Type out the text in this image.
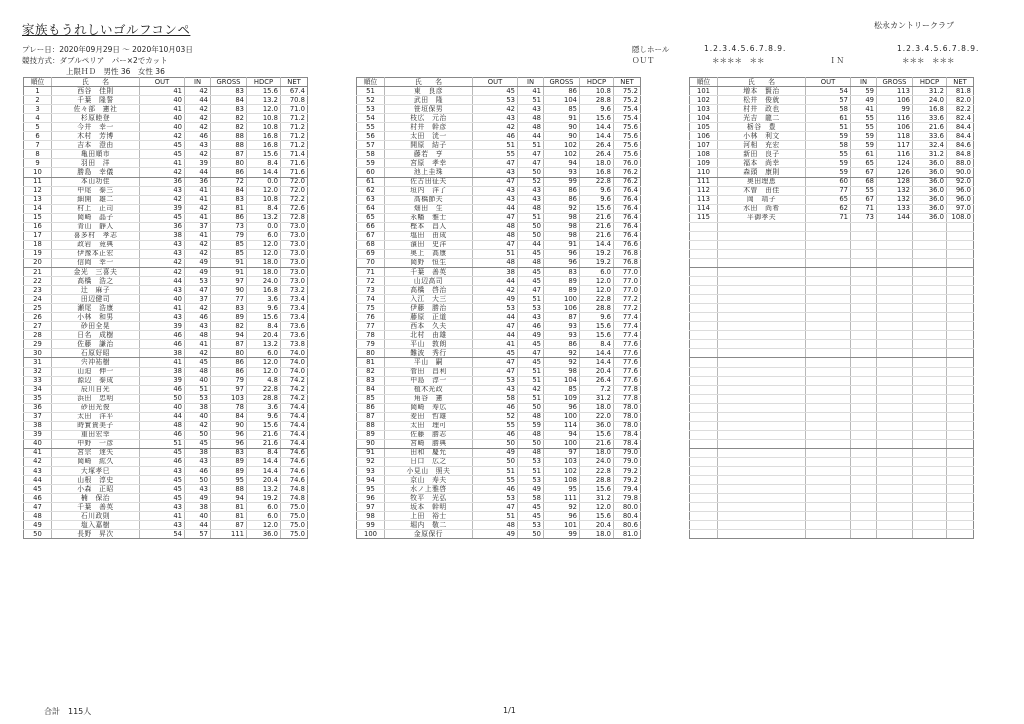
家族もうれしいゴルフコンペ	松永カントリークラブ
プレー日：2020年09月29日 ～ 2020年10月03日
競技方式：ダブルペリア　パー×2でカット
上限ＨＤ　男性 36　女性 36
隠しホール	1.2.3.4.5.6.7.8.9.	1.2.3.4.5.6.7.8.9.
ＯＵＴ	＊＊＊＊　＊＊	ＩＮ	＊＊＊　＊＊＊
順位	氏　　名	OUT	IN	GROSS	HDCP	NET
1	西谷　佳則	41	42	83	15.6	67.4
2	千葉　隆誓	40	44	84	13.2	70.8
3	佐々部　憲社	41	42	83	12.0	71.0
4	杉原睦登	40	42	82	10.8	71.2
5	今井　幸一	40	42	82	10.8	71.2
6	木村　芳博	42	46	88	16.8	71.2
7	吉本　澄由	45	43	88	16.8	71.2
8	亀田順市	45	42	87	15.6	71.4
9	羽田　洋	41	39	80	8.4	71.6
10	勝島　幸儀	42	44	86	14.4	71.6
11	本山功佳	36	36	72	0.0	72.0
12	中尾　泰三	43	41	84	12.0	72.0
13	細開　雄二	42	41	83	10.8	72.2
14	村上　正司	39	42	81	8.4	72.6
15	岡崎　晶子	45	41	86	13.2	72.8
16	青山　靜人	36	37	73	0.0	73.0
17	喜多村　孝志	38	41	79	6.0	73.0
18	政岩　竟典	43	42	85	12.0	73.0
19	伊豫本正宏	43	42	85	12.0	73.0
20	信岡　幸一	42	49	91	18.0	73.0
21	金光　三喜夫	42	49	91	18.0	73.0
22	高橋　浩之	44	53	97	24.0	73.0
23	辻　麻子	43	47	90	16.8	73.2
24	田辺健司	40	37	77	3.6	73.4
25	瀬尾　浩康	41	42	83	9.6	73.4
26	小林　和男	43	46	89	15.6	73.4
27	砂田全晃	39	43	82	8.4	73.6
28	日名　成樹	46	48	94	20.4	73.6
29	佐藤　謙治	46	41	87	13.2	73.8
30	石原好昭	38	42	80	6.0	74.0
31	宍冲祐樹	41	45	86	12.0	74.0
32	山迫　伸一	38	48	86	12.0	74.0
33	源辺　泰成	39	40	79	4.8	74.2
34	辰川自光	46	51	97	22.8	74.2
35	浜田　忠明	50	53	103	28.8	74.2
36	砂田光俊	40	38	78	3.6	74.4
37	太田　洋平	44	40	84	9.6	74.4
38	時實貴美子	48	42	90	15.6	74.4
39	重田宏幸	46	50	96	21.6	74.4
40	中野　一彦	51	45	96	21.6	74.4
41	宮宗　達矢	45	38	83	8.4	74.6
42	岡崎　紘久	46	43	89	14.4	74.6
43	大塚孝巳	43	46	89	14.4	74.6
44	山根　淳史	45	50	95	20.4	74.6
45	小森　正昭	45	43	88	13.2	74.8
46	楠　保治	45	49	94	19.2	74.8
47	千葉　善英	43	38	81	6.0	75.0
48	石川政則	41	40	81	6.0	75.0
49	塩入嘉樹	43	44	87	12.0	75.0
50	長野　昇次	54	57	111	36.0	75.0
順位	氏　　名	OUT	IN	GROSS	HDCP	NET
51	東　良彦	45	41	86	10.8	75.2
52	武田　隆	53	51	104	28.8	75.2
53	笹垣保男	42	43	85	9.6	75.4
54	枝広　元治	43	48	91	15.6	75.4
55	村井　幹彦	42	48	90	14.4	75.6
56	太田　洸一	46	44	90	14.4	75.6
57	開原　結子	51	51	102	26.4	75.6
58	藤若　亨	55	47	102	26.4	75.6
59	宮原　孝幸	47	47	94	18.0	76.0
60	池上圭珠	43	50	93	16.8	76.2
61	佐古田征夫	47	52	99	22.8	76.2
62	垣内　洋了	43	43	86	9.6	76.4
63	高橋節夫	43	43	86	9.6	76.4
64	畑田　生	44	48	92	15.6	76.4
65	永幡　雅士	47	51	98	21.6	76.4
66	樫本　昌人	48	50	98	21.6	76.4
67	塩田　由成	48	50	98	21.6	76.4
68	濱田　史洋	47	44	91	14.4	76.6
69	奥上　高康	51	45	96	19.2	76.8
70	岡野　恒生	48	48	96	19.2	76.8
71	千葉　善英	38	45	83	6.0	77.0
72	山辺高司	44	45	89	12.0	77.0
73	高橋　啓治	42	47	89	12.0	77.0
74	入江　大三	49	51	100	22.8	77.2
75	伊藤　勝治	53	53	106	28.8	77.2
76	藤原　正道	44	43	87	9.6	77.4
77	西本　久夫	47	46	93	15.6	77.4
78	北村　由雄	44	49	93	15.6	77.4
79	平山　敦朗	41	45	86	8.4	77.6
80	難波　秀行	45	47	92	14.4	77.6
81	平山　嗣	47	45	92	14.4	77.6
82	菅田　昌利	47	51	98	20.4	77.6
83	中島　淳一	53	51	104	26.4	77.6
84	植木光政	43	42	85	7.2	77.8
85	角谷　憲	58	51	109	31.2	77.8
86	岡崎　寿広	46	50	96	18.0	78.0
87	麦田　哲雄	52	48	100	22.0	78.0
88	太田　理可	55	59	114	36.0	78.0
89	佐藤　勝志	46	48	94	15.6	78.4
90	宮崎　勝典	50	50	100	21.6	78.4
91	田和　慶允	49	48	97	18.0	79.0
92	日口　広之	50	53	103	24.0	79.0
93	小見山　照夫	51	51	102	22.8	79.2
94	京山　寿夫	55	53	108	28.8	79.2
95	水ノ上雅啓	46	49	95	15.6	79.4
96	牧平　光弘	53	58	111	31.2	79.8
97	坂本　幹明	47	45	92	12.0	80.0
98	上田　裕士	51	45	96	15.6	80.4
99	堀内　敬二	48	53	101	20.4	80.6
100	金原保行	49	50	99	18.0	81.0
順位	氏　　名	OUT	IN	GROSS	HDCP	NET
101	増本　賢治	54	59	113	31.2	81.8
102	松井　俊就	57	49	106	24.0	82.0
103	村井　政也	58	41	99	16.8	82.2
104	光吉　龍二	61	55	116	33.6	82.4
105	栃谷　豊	51	55	106	21.6	84.4
106	小林　利文	59	59	118	33.6	84.4
107	河相　充宏	58	59	117	32.4	84.6
108	新田　良子	55	61	116	31.2	84.8
109	福本　尚幸	59	65	124	36.0	88.0
110	森頭　康則	59	67	126	36.0	90.0
111	奥田理恵	60	68	128	36.0	92.0
112	木曽　由佳	77	55	132	36.0	96.0
113	岡　靖子	65	67	132	36.0	96.0
114	水田　尚希	62	71	133	36.0	97.0
115	平御孝夫	71	73	144	36.0	108.0

合計　115人	1/1
